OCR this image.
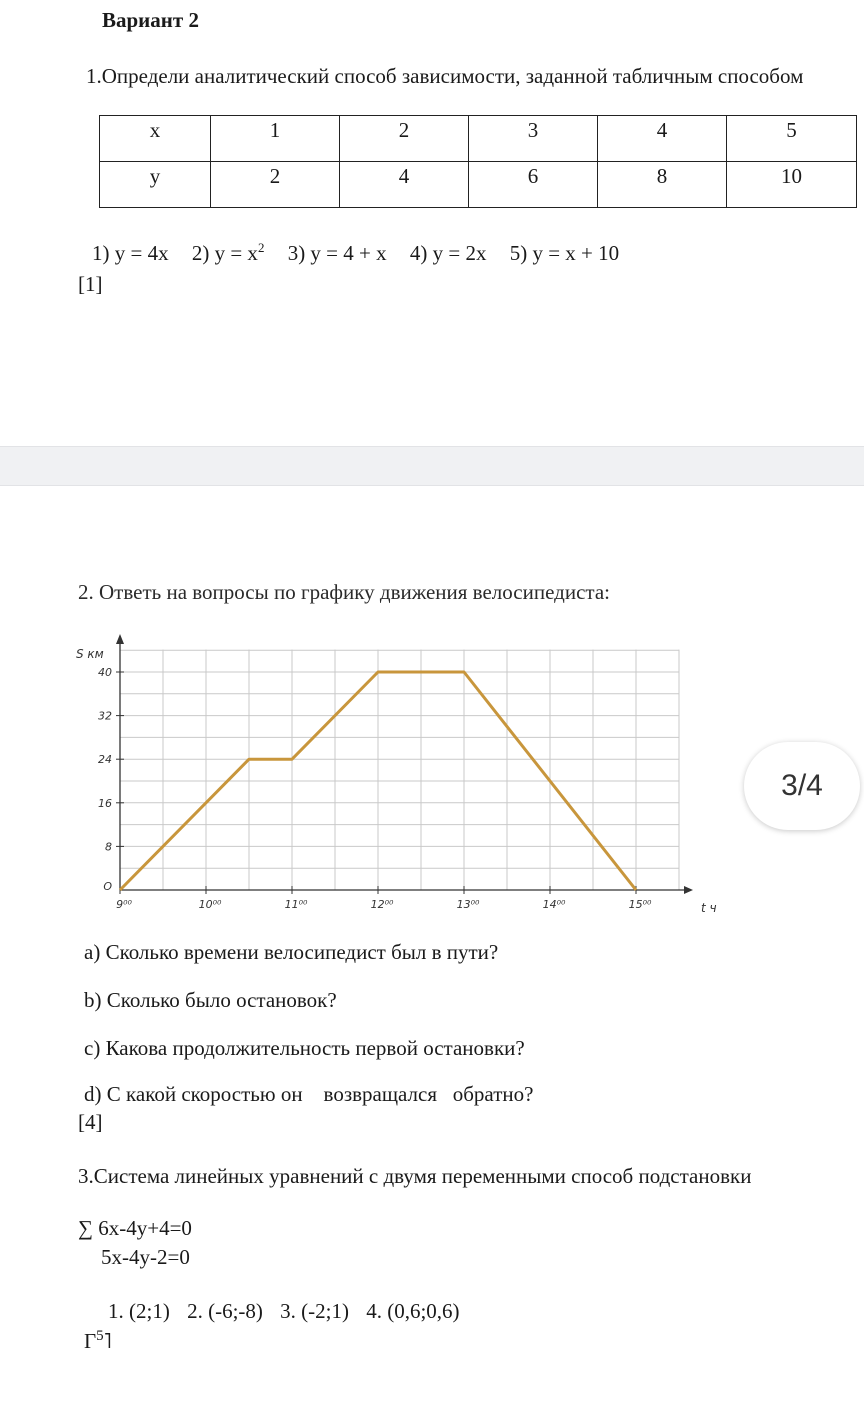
Вариант 2
1.Определи аналитический способ зависимости, заданной табличным способом
x	1	2	3	4	5
y	2	4	6	8	10
1) y = 4x 2) $y = x^2$ 3) y = 4 + x 4) y = 2x 5) y = x + 10
[1]
2. Ответь на вопросы по графику движения велосипедиста:
O
8
16
24
32
40
9⁰⁰	10⁰⁰	11⁰⁰	12⁰⁰	13⁰⁰	14⁰⁰	15⁰⁰
S км
t ч
3/4
a) Сколько времени велосипедист был в пути?
b) Сколько было остановок?
c) Какова продолжительность первой остановки?
d) С какой скоростью он    возвращался   обратно?
[4]
3.Система линейных уравнений с двумя переменными способ подстановки
∑ 6x-4y+4=0
5x-4y-2=0
1. (2;1) 2. (-6;-8) 3. (-2;1) 4. (0,6;0,6)
$Г^5˥$
